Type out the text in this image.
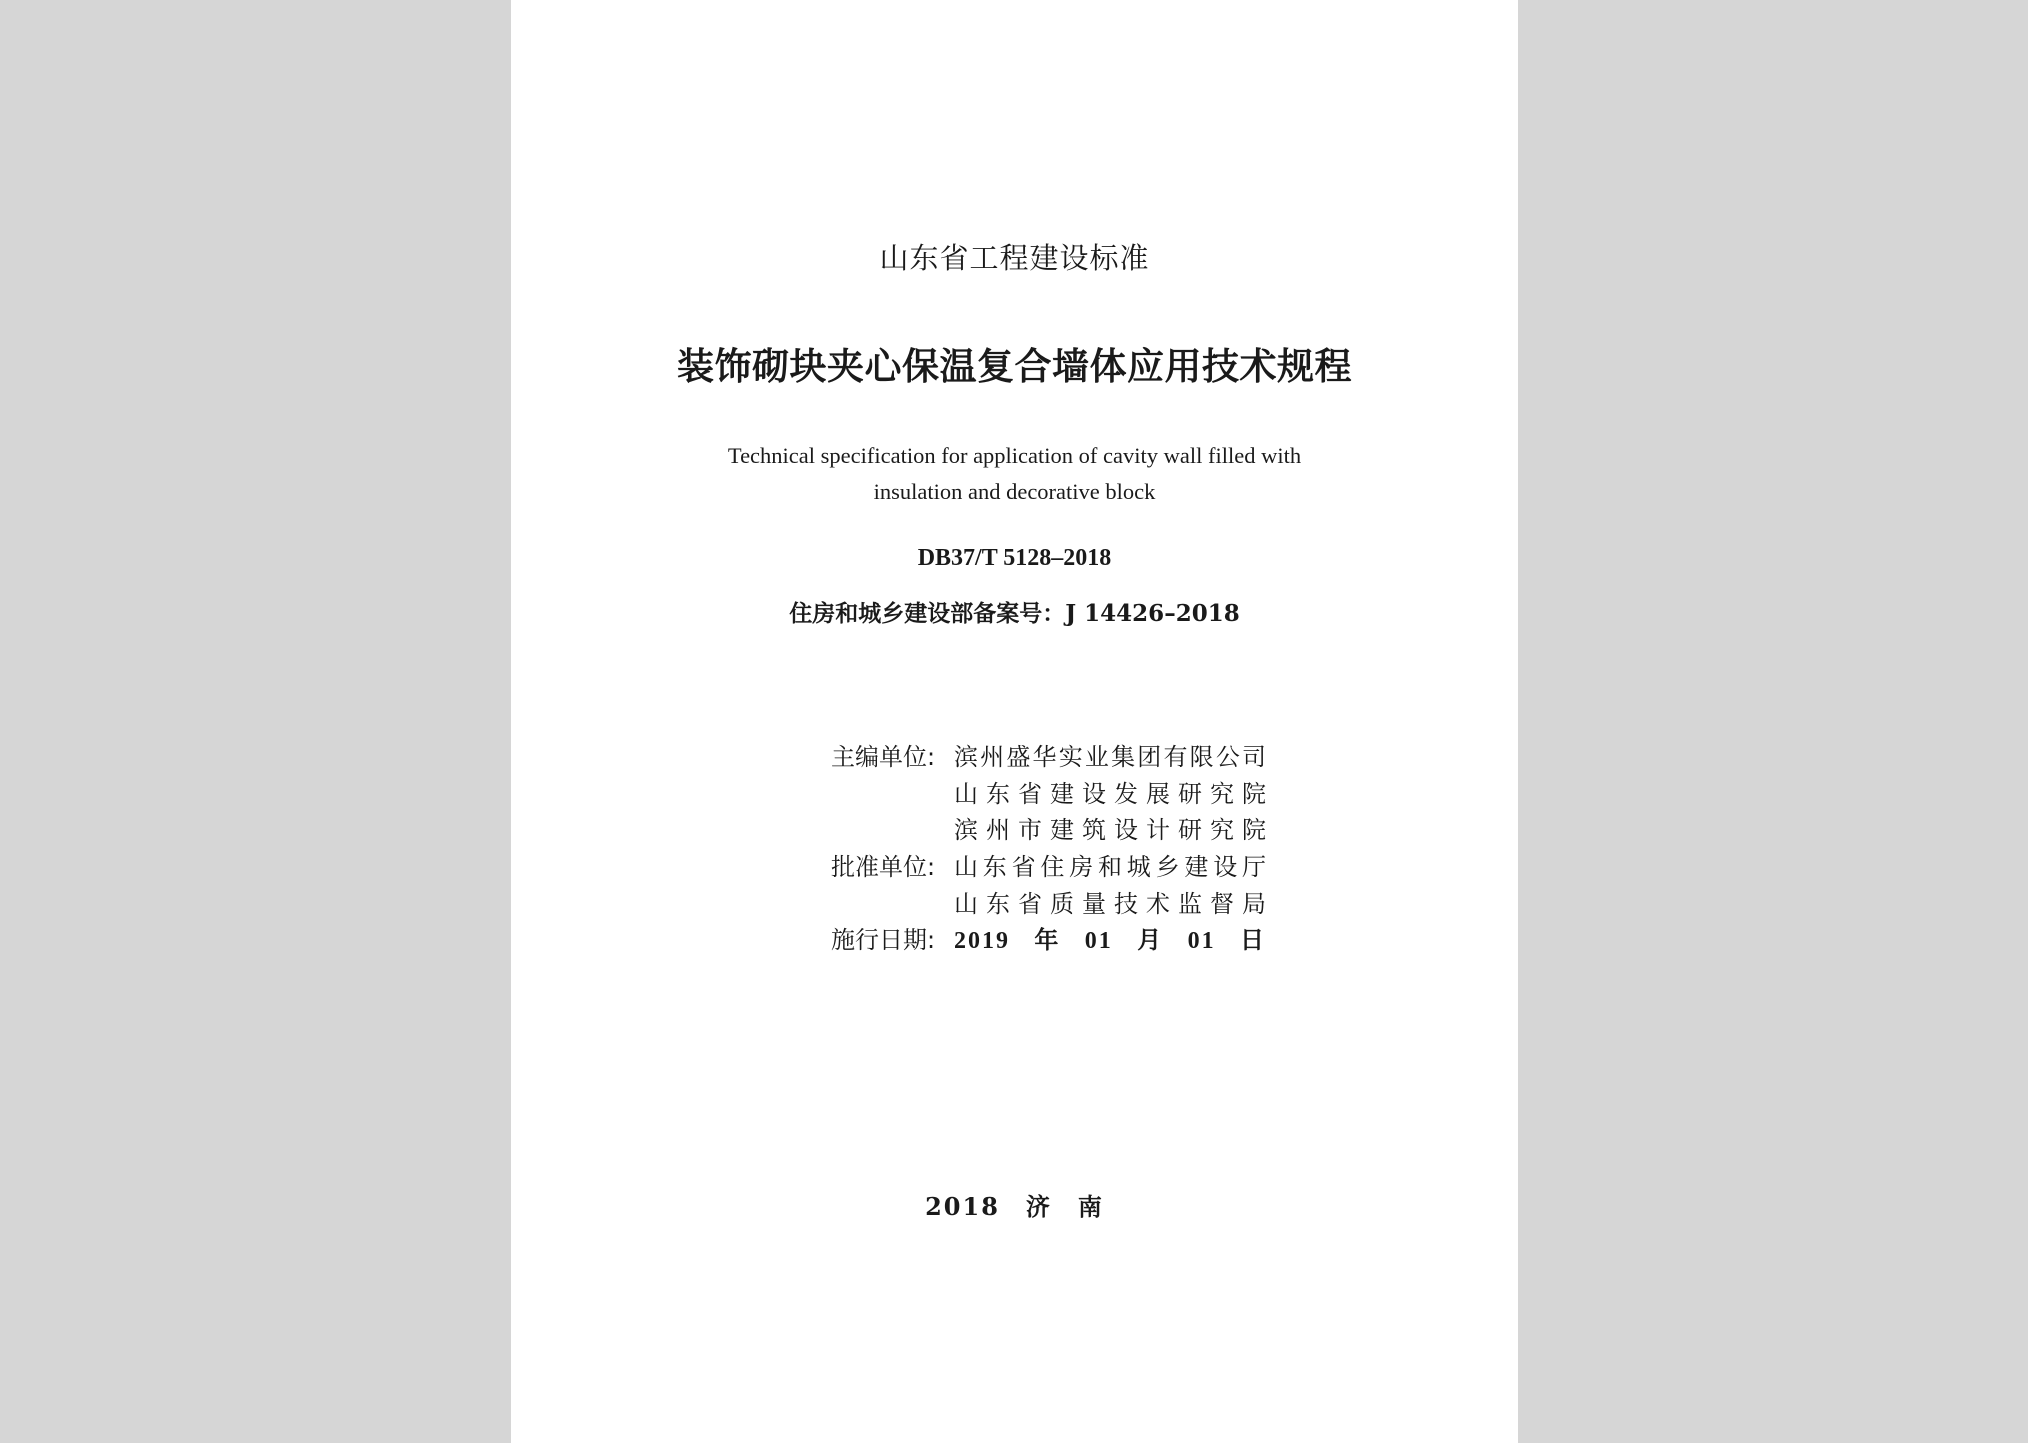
山东省工程建设标准
装饰砌块夹心保温复合墙体应用技术规程
Technical specification for application of cavity wall filled with
insulation and decorative block
DB37/T 5128–2018
住房和城乡建设部备案号：J 14426–2018
主编单位:	滨州盛华实业集团有限公司
	山东省建设发展研究院
	滨州市建筑设计研究院
批准单位:	山东省住房和城乡建设厅
	山东省质量技术监督局
施行日期:	2019年01月01日
2018　济　南
